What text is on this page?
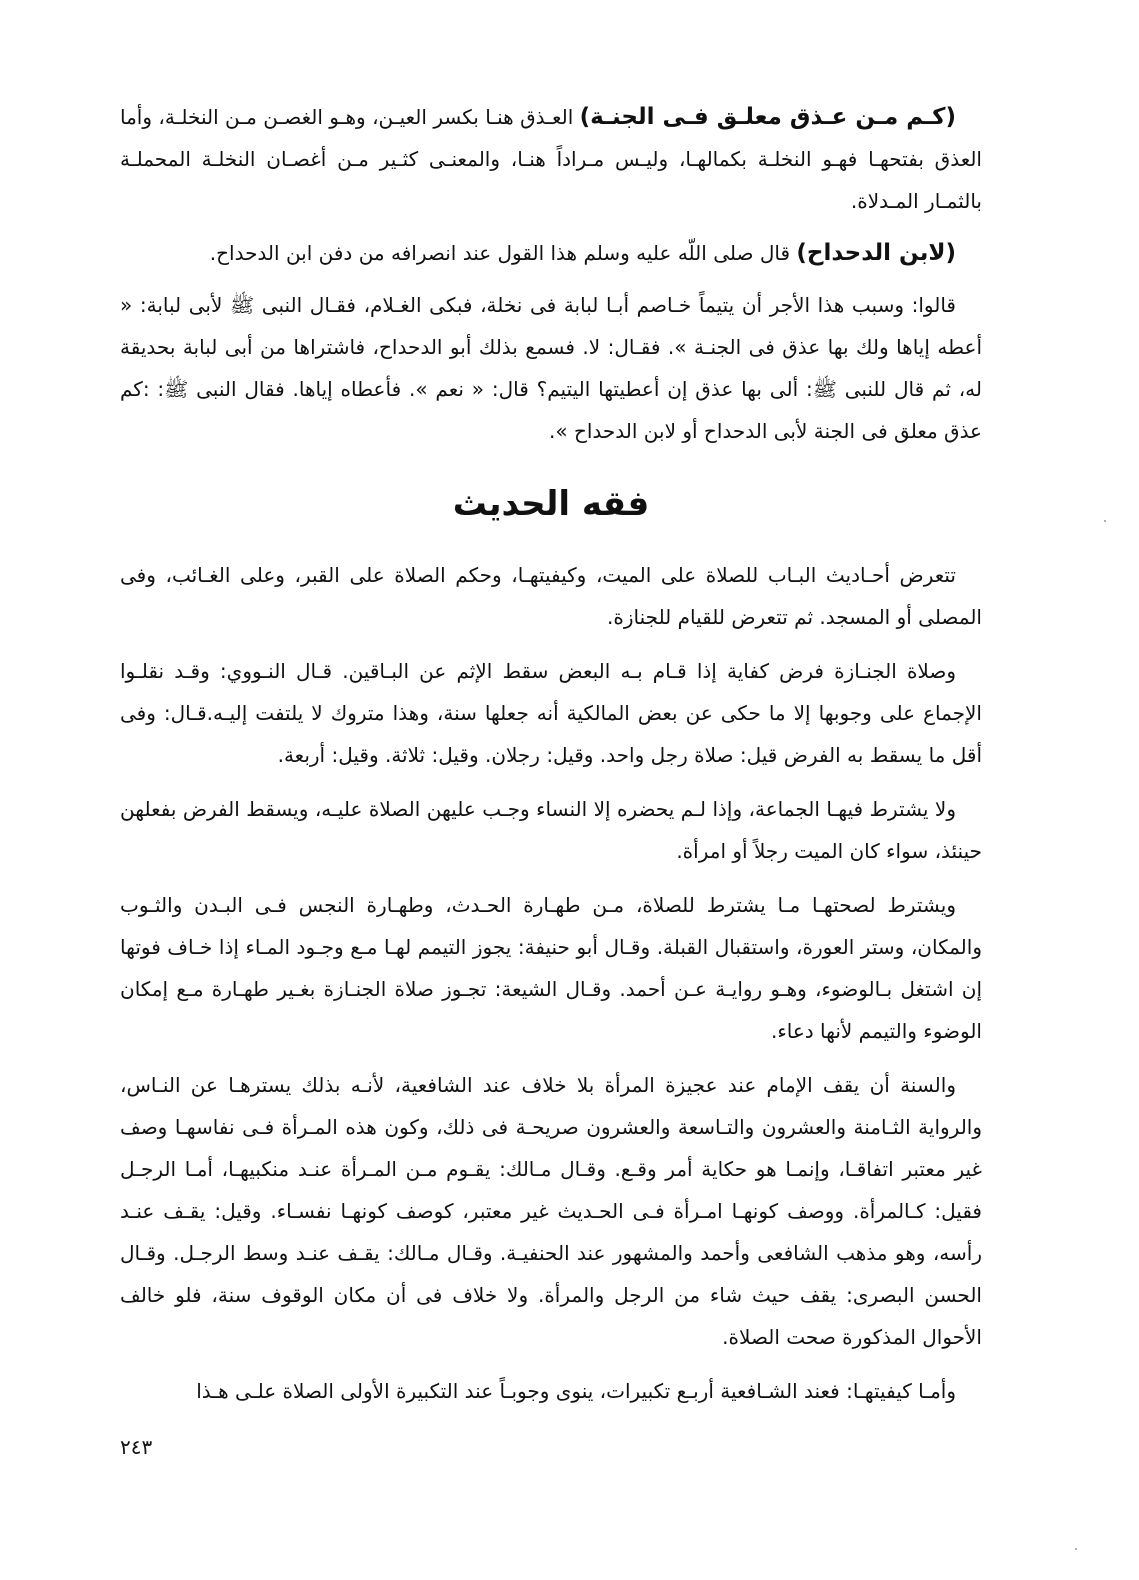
(كـم مـن عـذق معلـق فـى الجنـة) العـذق هنـا بكسر العيـن، وهـو الغصـن مـن النخلـة، وأما العذق بفتحهـا فهـو النخلـة بكمالهـا، وليـس مـراداً هنـا، والمعنـى كثـير مـن أغصـان النخلـة المحملـة بالثمـار المـدلاة.

(لابن الدحداح) قال صلى اللّه عليه وسلم هذا القول عند انصرافه من دفن ابن الدحداح.

قالوا: وسبب هذا الأجر أن يتيماً خـاصم أبـا لبابة فى نخلة، فبكى الغـلام، فقـال النبى ﷺ لأبى لبابة: « أعطه إياها ولك بها عذق فى الجنـة ». فقـال: لا. فسمع بذلك أبو الدحداح، فاشتراها من أبى لبابة بحديقة له، ثم قال للنبى ﷺ: ألى بها عذق إن أعطيتها اليتيم؟ قال: « نعم ». فأعطاه إياها. فقال النبى ﷺ: :كم عذق معلق فى الجنة لأبى الدحداح أو لابن الدحداح ».

فقه الحديث

تتعرض أحـاديث البـاب للصلاة على الميت، وكيفيتهـا، وحكم الصلاة على القبر، وعلى الغـائب، وفى المصلى أو المسجد. ثم تتعرض للقيام للجنازة.

وصلاة الجنـازة فرض كفاية إذا قـام بـه البعض سقط الإثم عن البـاقين. قـال النـووي: وقـد نقلـوا الإجماع على وجوبها إلا ما حكى عن بعض المالكية أنه جعلها سنة، وهذا متروك لا يلتفت إليـه.قـال: وفى أقل ما يسقط به الفرض قيل: صلاة رجل واحد. وقيل: رجلان. وقيل: ثلاثة. وقيل: أربعة.

ولا يشترط فيهـا الجماعة، وإذا لـم يحضره إلا النساء وجـب عليهن الصلاة عليـه، ويسقط الفرض بفعلهن حينئذ، سواء كان الميت رجلاً أو امرأة.

ويشترط لصحتهـا مـا يشترط للصلاة، مـن طهـارة الحـدث، وطهـارة النجس فـى البـدن والثـوب والمكان، وستر العورة، واستقبال القبلة. وقـال أبو حنيفة: يجوز التيمم لهـا مـع وجـود المـاء إذا خـاف فوتها إن اشتغل بـالوضوء، وهـو روايـة عـن أحمد. وقـال الشيعة: تجـوز صلاة الجنـازة بغـير طهـارة مـع إمكان الوضوء والتيمم لأنها دعاء.

والسنة أن يقف الإمام عند عجيزة المرأة بلا خلاف عند الشافعية، لأنـه بذلك يسترهـا عن النـاس، والرواية الثـامنة والعشرون والتـاسعة والعشرون صريحـة فى ذلك، وكون هذه المـرأة فـى نفاسهـا وصف غير معتبر اتفاقـا، وإنمـا هو حكاية أمر وقـع. وقـال مـالك: يقـوم مـن المـرأة عنـد منكبيهـا، أمـا الرجـل فقيل: كـالمرأة. ووصف كونهـا امـرأة فـى الحـديث غير معتبر، كوصف كونهـا نفسـاء. وقيل: يقـف عنـد رأسه، وهو مذهب الشافعى وأحمد والمشهور عند الحنفيـة. وقـال مـالك: يقـف عنـد وسط الرجـل. وقـال الحسن البصرى: يقف حيث شاء من الرجل والمرأة. ولا خلاف فى أن مكان الوقوف سنة، فلو خالف الأحوال المذكورة صحت الصلاة.

وأمـا كيفيتهـا: فعند الشـافعية أربـع تكبيرات، ينوى وجوبـاً عند التكبيرة الأولى الصلاة علـى هـذا

٢٤٣
